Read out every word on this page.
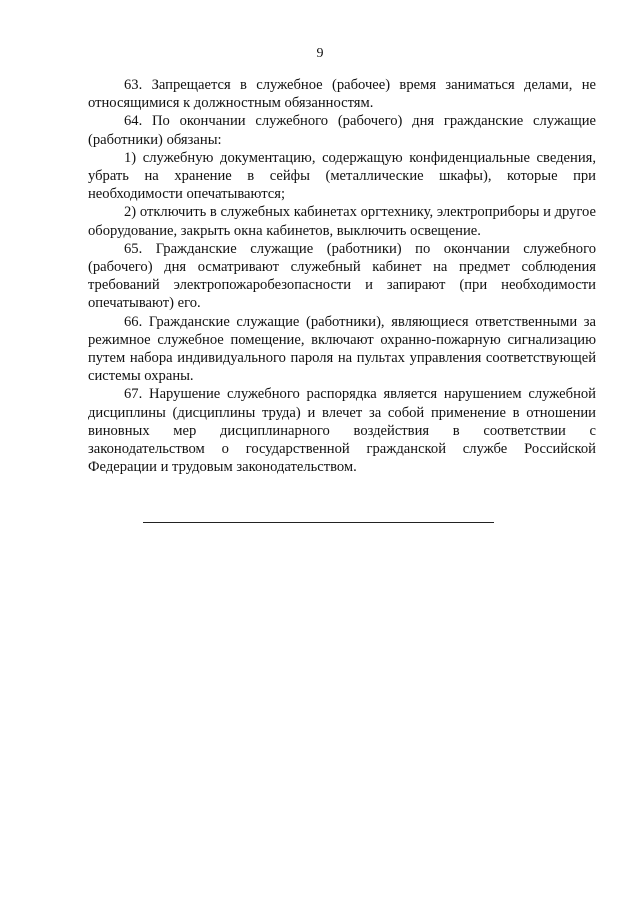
9

63. Запрещается в служебное (рабочее) время заниматься делами, не относящимися к должностным обязанностям.

64. По окончании служебного (рабочего) дня гражданские служащие (работники) обязаны:

1) служебную документацию, содержащую конфиденциальные сведения, убрать на хранение в сейфы (металлические шкафы), которые при необходимости опечатываются;

2) отключить в служебных кабинетах оргтехнику, электроприборы и другое оборудование, закрыть окна кабинетов, выключить освещение.

65. Гражданские служащие (работники) по окончании служебного (рабочего) дня осматривают служебный кабинет на предмет соблюдения требований электропожаробезопасности и запирают (при необходимости опечатывают) его.

66. Гражданские служащие (работники), являющиеся ответственными за режимное служебное помещение, включают охранно-пожарную сигнализацию путем набора индивидуального пароля на пультах управления соответствующей системы охраны.

67. Нарушение служебного распорядка является нарушением служебной дисциплины (дисциплины труда) и влечет за собой применение в отношении виновных мер дисциплинарного воздействия в соответствии с законодательством о государственной гражданской службе Российской Федерации и трудовым законодательством.
